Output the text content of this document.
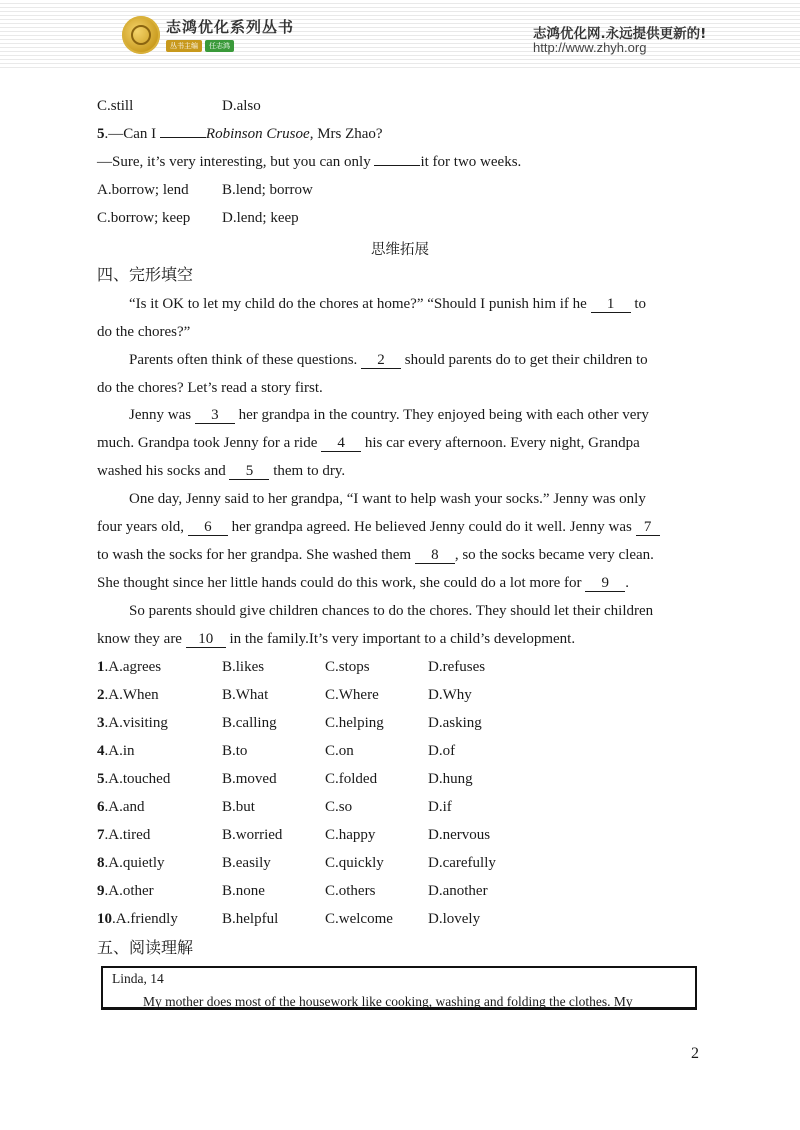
志鸿优化系列丛书
丛书主编	任志鸿
志鸿优化网.永远提供更新的!
http://www.zhyh.org
C.still	D.also
5.—Can I	Robinson Crusoe, Mrs Zhao?
—Sure, it’s very interesting, but you can only	it for two weeks.
A.borrow; lend B.lend; borrow
C.borrow; keep D.lend; keep
思维拓展
四、完形填空
“Is it OK to let my child do the chores at home?” “Should I punish him if he 1 to
do the chores?”
Parents often think of these questions. 2 should parents do to get their children to
do the chores? Let’s read a story first.
Jenny was 3 her grandpa in the country. They enjoyed being with each other very
much. Grandpa took Jenny for a ride 4 his car every afternoon. Every night, Grandpa
washed his socks and 5 them to dry.
One day, Jenny said to her grandpa, “I want to help wash your socks.” Jenny was only
four years old, 6 her grandpa agreed. He believed Jenny could do it well. Jenny was 7
to wash the socks for her grandpa. She washed them 8 , so the socks became very clean.
She thought since her little hands could do this work, she could do a lot more for 9 .
So parents should give children chances to do the chores. They should let their children
know they are 10 in the family.It’s very important to a child’s development.
1.A.agrees	B.likes	C.stops	D.refuses
2.A.When	B.What	C.Where	D.Why
3.A.visiting	B.calling	C.helping	D.asking
4.A.in	B.to	C.on	D.of
5.A.touched	B.moved	C.folded	D.hung
6.A.and	B.but	C.so	D.if
7.A.tired	B.worried	C.happy	D.nervous
8.A.quietly	B.easily	C.quickly	D.carefully
9.A.other	B.none	C.others	D.another
10.A.friendly	B.helpful	C.welcome D.lovely
五、阅读理解
Linda, 14
My mother does most of the housework like cooking, washing and folding the clothes. My
2
